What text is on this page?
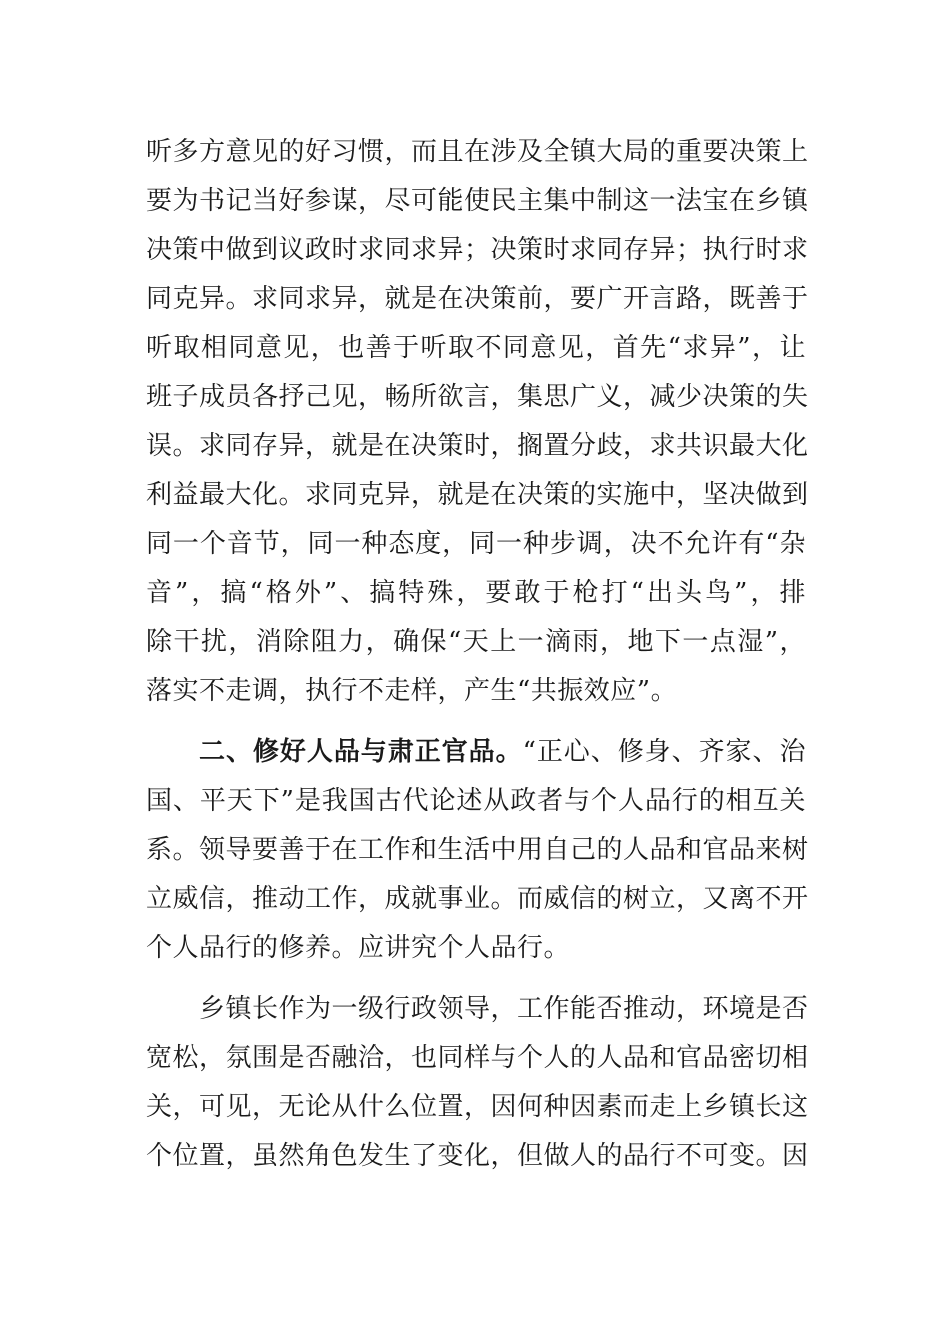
听多方意见的好习惯，而且在涉及全镇大局的重要决策上
要为书记当好参谋，尽可能使民主集中制这一法宝在乡镇
决策中做到议政时求同求异；决策时求同存异；执行时求
同克异。求同求异，就是在决策前，要广开言路，既善于
听取相同意见，也善于听取不同意见，首先“求异”，让
班子成员各抒己见，畅所欲言，集思广义，减少决策的失
误。求同存异，就是在决策时，搁置分歧，求共识最大化
利益最大化。求同克异，就是在决策的实施中，坚决做到
同一个音节，同一种态度，同一种步调，决不允许有“杂
音”，搞“格外”、搞特殊，要敢于枪打“出头鸟”，排
除干扰，消除阻力，确保“天上一滴雨，地下一点湿”，
落实不走调，执行不走样，产生“共振效应”。
二、修好人品与肃正官品。“正心、修身、齐家、治
国、平天下”是我国古代论述从政者与个人品行的相互关
系。领导要善于在工作和生活中用自己的人品和官品来树
立威信，推动工作，成就事业。而威信的树立，又离不开
个人品行的修养。应讲究个人品行。
乡镇长作为一级行政领导，工作能否推动，环境是否
宽松，氛围是否融洽，也同样与个人的人品和官品密切相
关，可见，无论从什么位置，因何种因素而走上乡镇长这
个位置，虽然角色发生了变化，但做人的品行不可变。因
